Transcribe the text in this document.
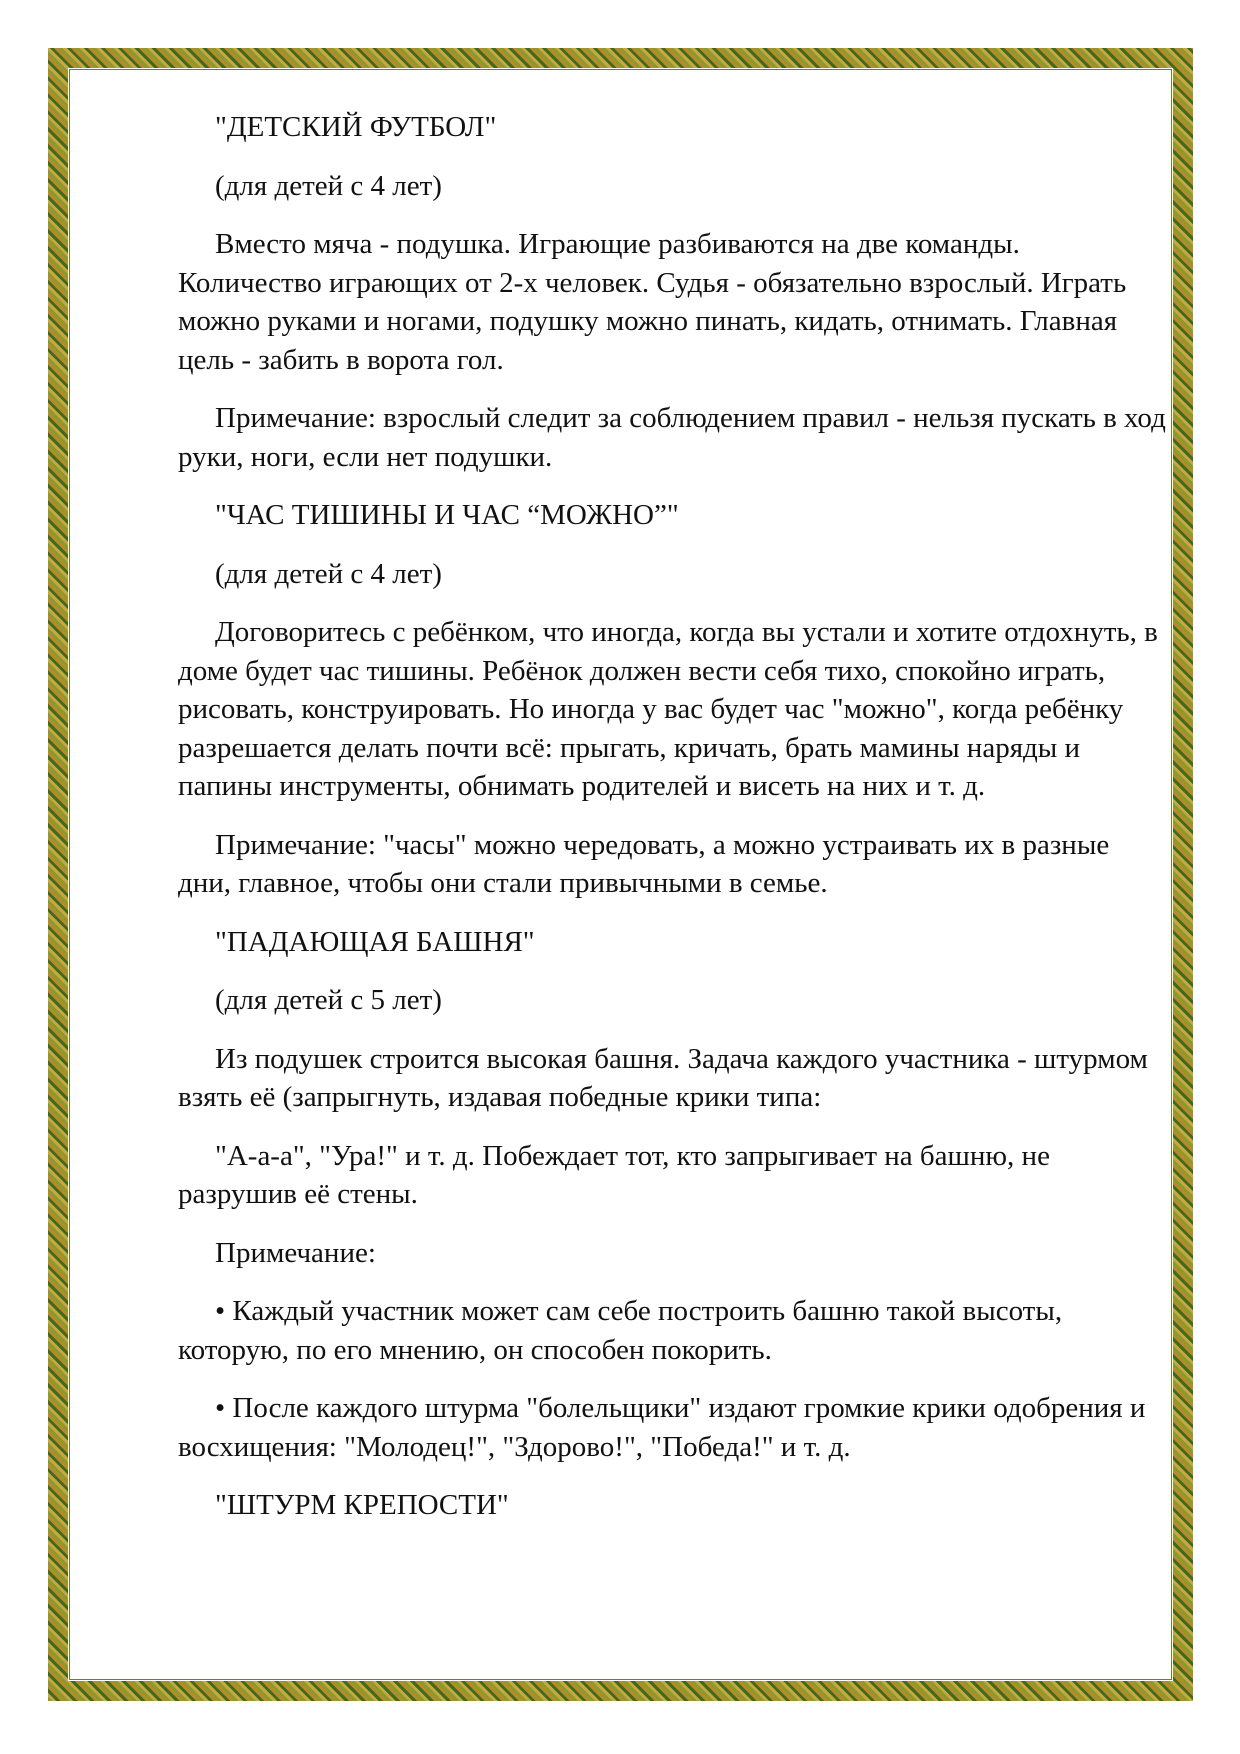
"ДЕТСКИЙ ФУТБОЛ"

(для детей с 4 лет)

Вместо мяча - подушка. Играющие разбиваются на две команды. Количество играющих от 2-х человек. Судья - обязательно взрослый. Играть можно руками и ногами, подушку можно пинать, кидать, отнимать. Главная цель - забить в ворота гол.

Примечание: взрослый следит за соблюдением правил - нельзя пускать в ход руки, ноги, если нет подушки.

"ЧАС ТИШИНЫ И ЧАС “МОЖНО”"

(для детей с 4 лет)

Договоритесь с ребёнком, что иногда, когда вы устали и хотите отдохнуть, в доме будет час тишины. Ребёнок должен вести себя тихо, спокойно играть, рисовать, конструировать. Но иногда у вас будет час "можно", когда ребёнку разрешается делать почти всё: прыгать, кричать, брать мамины наряды и папины инструменты, обнимать родителей и висеть на них и т. д.

Примечание: "часы" можно чередовать, а можно устраивать их в разные дни, главное, чтобы они стали привычными в семье.

"ПАДАЮЩАЯ БАШНЯ"

(для детей с 5 лет)

Из подушек строится высокая башня. Задача каждого участника - штурмом взять её (запрыгнуть, издавая победные крики типа:

"А-а-а", "Ура!" и т. д. Побеждает тот, кто запрыгивает на башню, не разрушив её стены.

Примечание:

• Каждый участник может сам себе построить башню такой высоты, которую, по его мнению, он способен покорить.

• После каждого штурма "болельщики" издают громкие крики одобрения и восхищения: "Молодец!", "Здорово!", "Победа!" и т. д.

"ШТУРМ КРЕПОСТИ"
